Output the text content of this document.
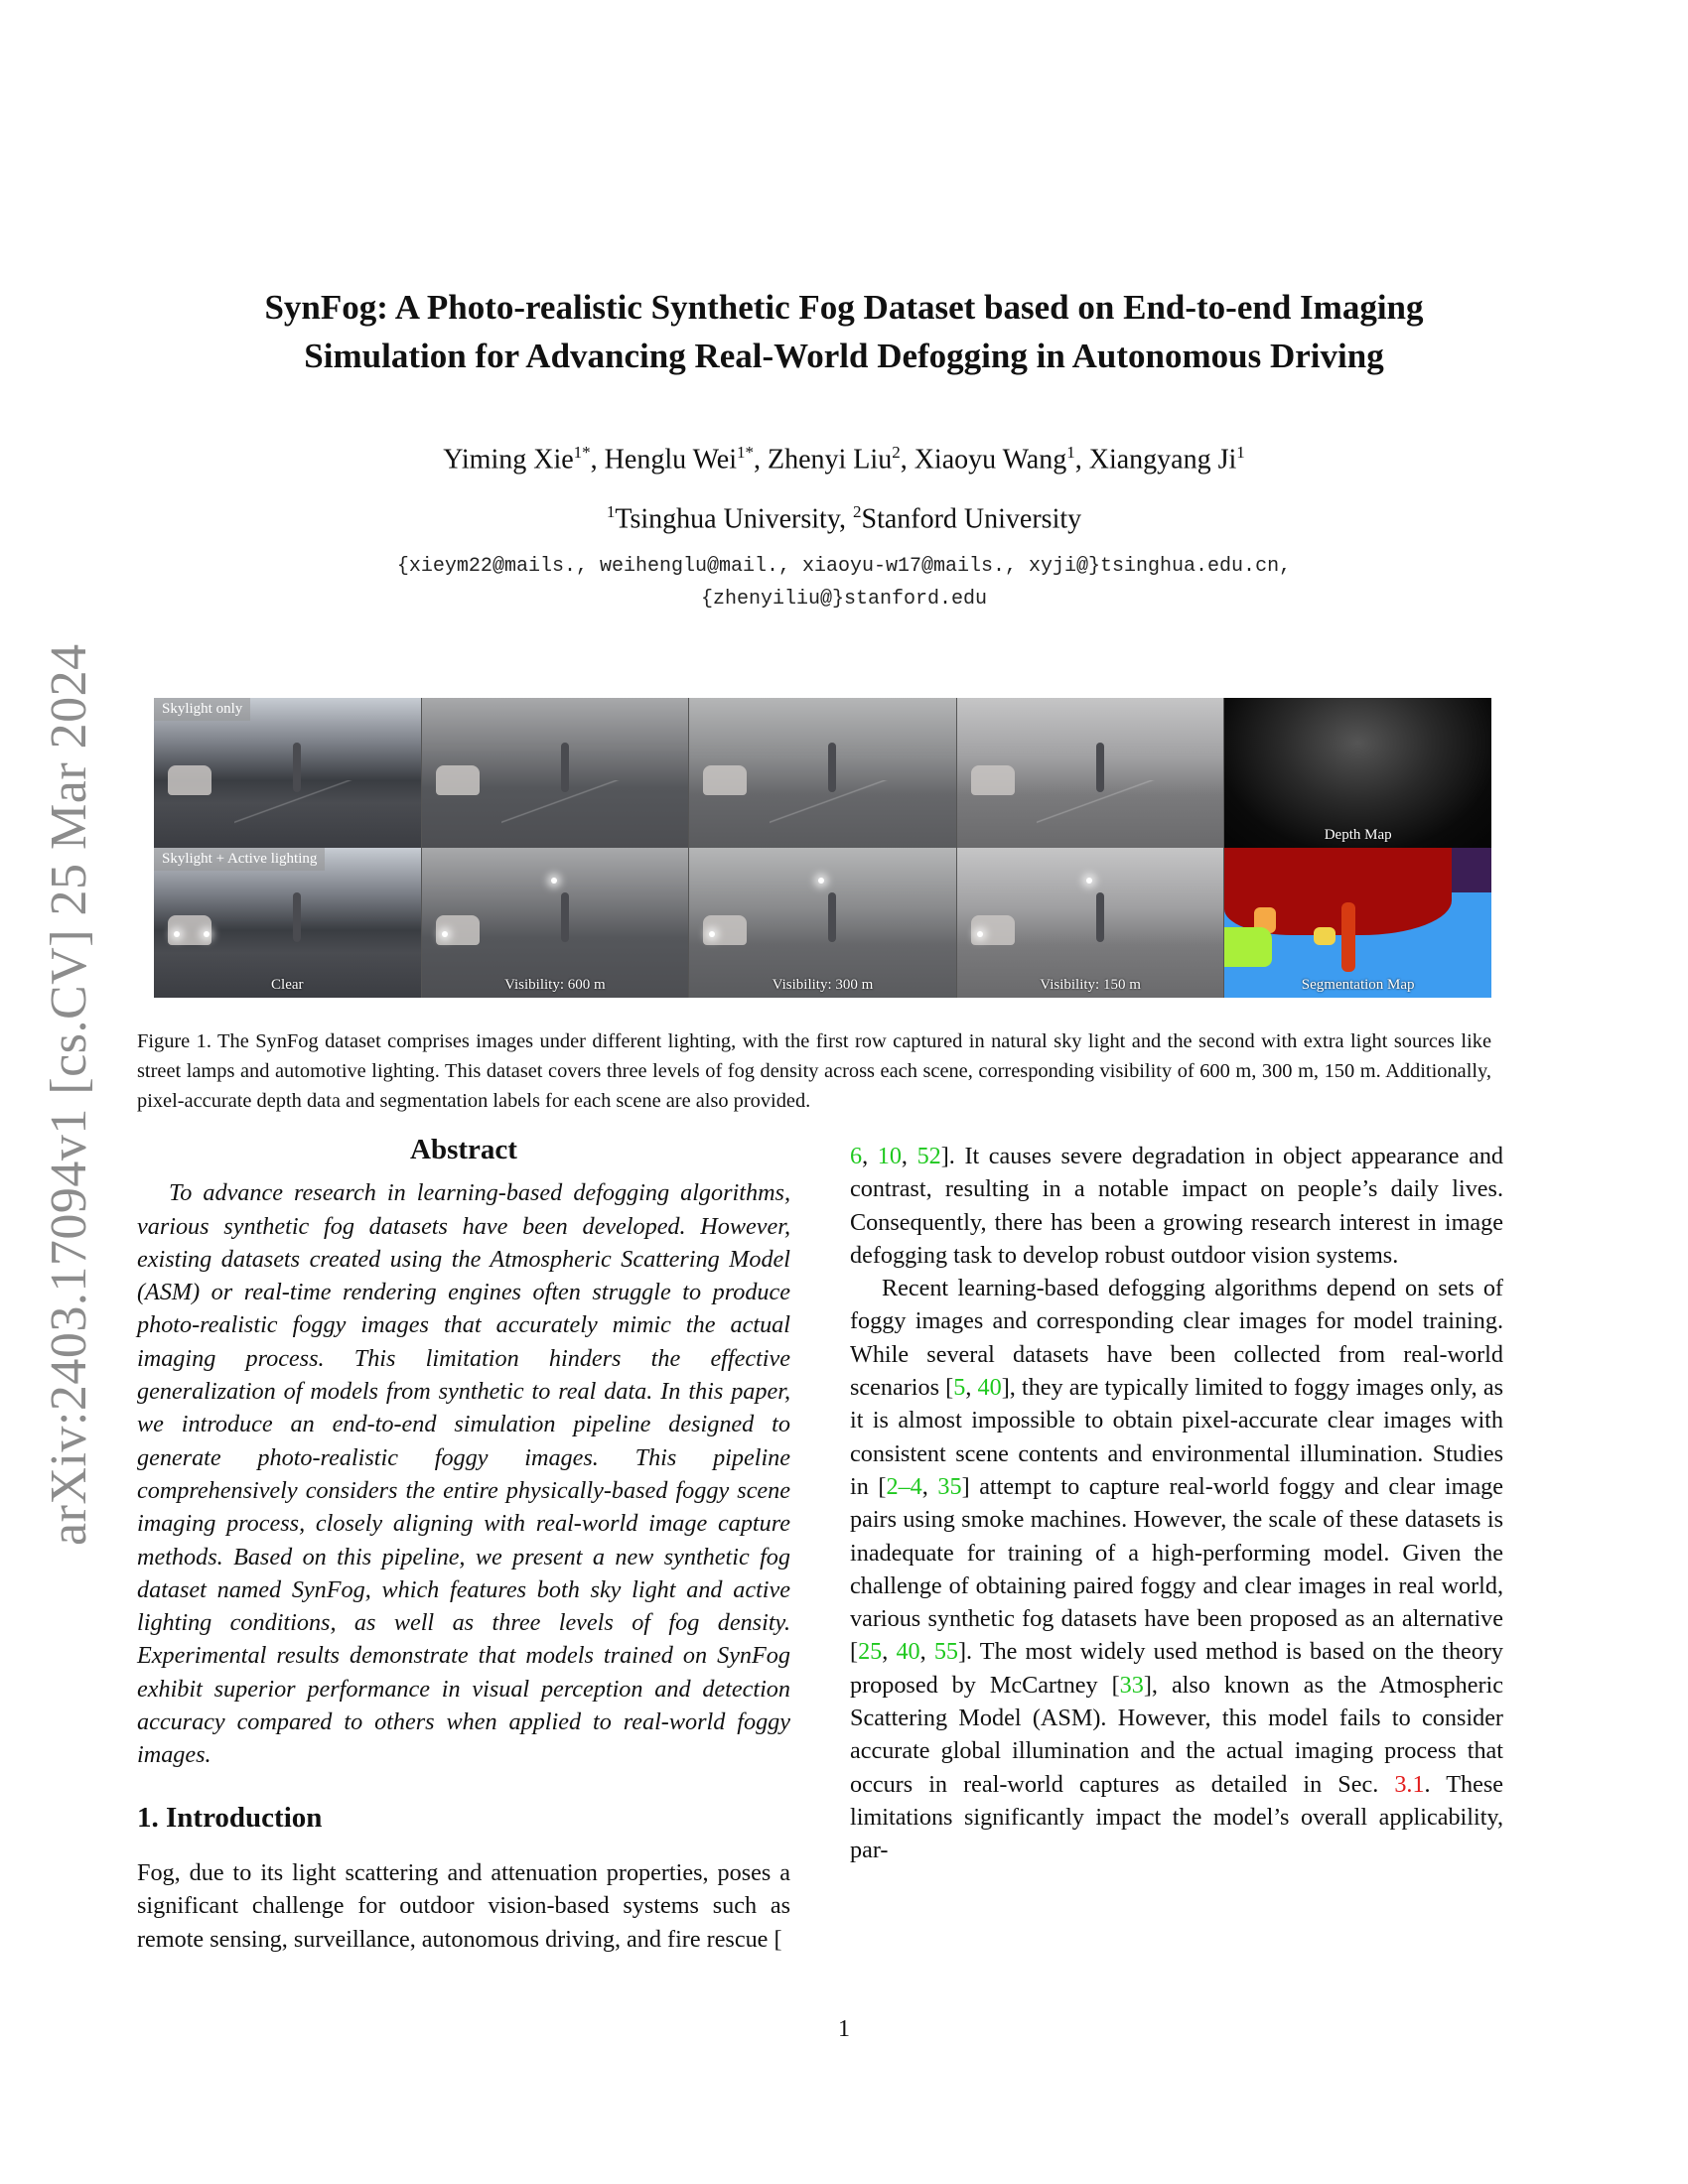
arXiv:2403.17094v1 [cs.CV] 25 Mar 2024
SynFog: A Photo-realistic Synthetic Fog Dataset based on End-to-end Imaging
Simulation for Advancing Real-World Defogging in Autonomous Driving
Yiming Xie$^{1*}$, Henglu Wei$^{1*}$, Zhenyi Liu$^2$, Xiaoyu Wang$^1$, Xiangyang Ji$^1$
$^1$Tsinghua University, $^2$Stanford University
{xieym22@mails., weihenglu@mail., xiaoyu-w17@mails., xyji@}tsinghua.edu.cn,
{zhenyiliu@}stanford.edu
Skylight only
Depth Map
Skylight + Active lighting
Clear	Visibility: 600 m	Visibility: 300 m	Visibility: 150 m	Segmentation Map
Figure 1. The SynFog dataset comprises images under different lighting, with the first row captured in natural sky light and the second with extra light sources like street lamps and automotive lighting. This dataset covers three levels of fog density across each scene, corresponding visibility of 600 m, 300 m, 150 m. Additionally, pixel-accurate depth data and segmentation labels for each scene are also provided.
Abstract

To advance research in learning-based defogging algorithms, various synthetic fog datasets have been developed. However, existing datasets created using the Atmospheric Scattering Model (ASM) or real-time rendering engines often struggle to produce photo-realistic foggy images that accurately mimic the actual imaging process. This limitation hinders the effective generalization of models from synthetic to real data. In this paper, we introduce an end-to-end simulation pipeline designed to generate photo-realistic foggy images. This pipeline comprehensively considers the entire physically-based foggy scene imaging process, closely aligning with real-world image capture methods. Based on this pipeline, we present a new synthetic fog dataset named SynFog, which features both sky light and active lighting conditions, as well as three levels of fog density. Experimental results demonstrate that models trained on SynFog exhibit superior performance in visual perception and detection accuracy compared to others when applied to real-world foggy images.

1. Introduction

Fog, due to its light scattering and attenuation properties, poses a significant challenge for outdoor vision-based systems such as remote sensing, surveillance, autonomous driving, and fire rescue [

6, 10, 52]. It causes severe degradation in object appearance and contrast, resulting in a notable impact on people’s daily lives. Consequently, there has been a growing research interest in image defogging task to develop robust outdoor vision systems.

Recent learning-based defogging algorithms depend on sets of foggy images and corresponding clear images for model training. While several datasets have been collected from real-world scenarios [5, 40], they are typically limited to foggy images only, as it is almost impossible to obtain pixel-accurate clear images with consistent scene contents and environmental illumination. Studies in [2–4, 35] attempt to capture real-world foggy and clear image pairs using smoke machines. However, the scale of these datasets is inadequate for training of a high-performing model. Given the challenge of obtaining paired foggy and clear images in real world, various synthetic fog datasets have been proposed as an alternative [25, 40, 55]. The most widely used method is based on the theory proposed by McCartney [33], also known as the Atmospheric Scattering Model (ASM). However, this model fails to consider accurate global illumination and the actual imaging process that occurs in real-world captures as detailed in Sec. 3.1. These limitations significantly impact the model’s overall applicability, par-

1
